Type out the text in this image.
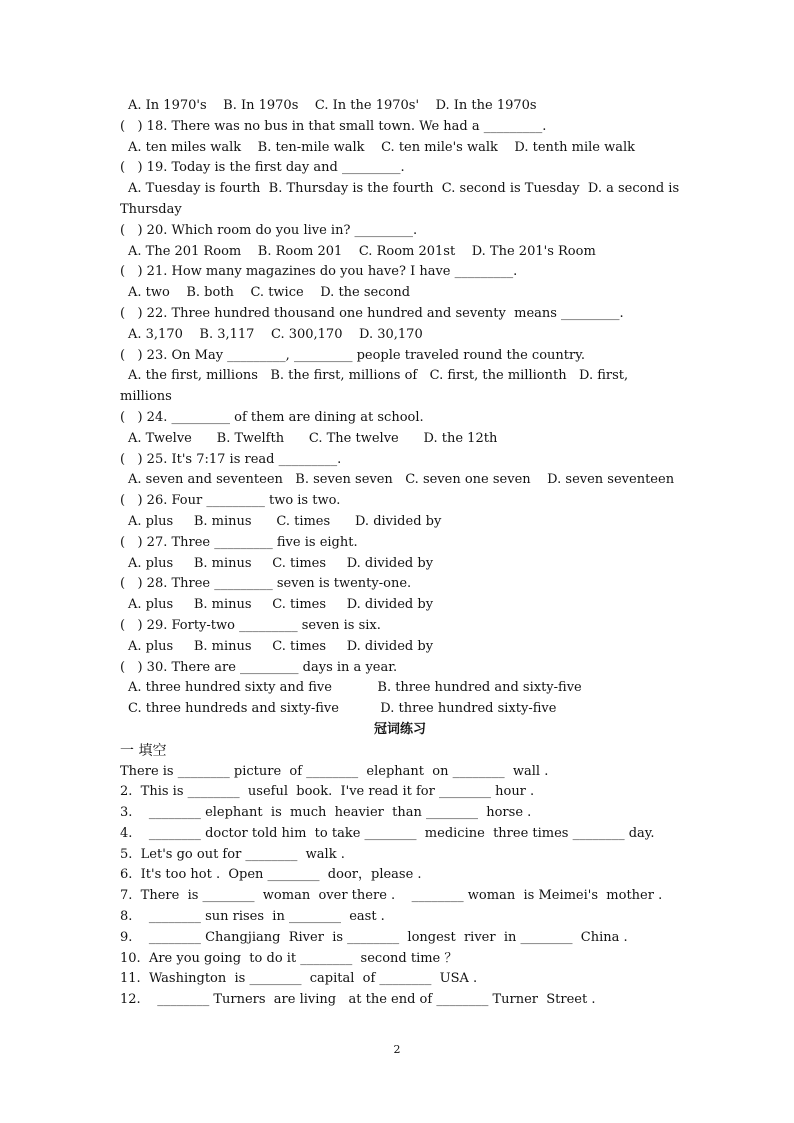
A. In 1970's    B. In 1970s    C. In the 1970s'    D. In the 1970s
(   ) 18. There was no bus in that small town. We had a _________.
A. ten miles walk    B. ten-mile walk    C. ten mile's walk    D. tenth mile walk
(   ) 19. Today is the first day and _________.
A. Tuesday is fourth  B. Thursday is the fourth  C. second is Tuesday  D. a second is
Thursday
(   ) 20. Which room do you live in? _________.
A. The 201 Room    B. Room 201    C. Room 201st    D. The 201's Room
(   ) 21. How many magazines do you have? I have _________.
A. two    B. both    C. twice    D. the second
(   ) 22. Three hundred thousand one hundred and seventy  means _________.
A. 3,170    B. 3,117    C. 300,170    D. 30,170
(   ) 23. On May _________, _________ people traveled round the country.
A. the first, millions   B. the first, millions of   C. first, the millionth   D. first,
millions
(   ) 24. _________ of them are dining at school.
A. Twelve      B. Twelfth      C. The twelve      D. the 12th
(   ) 25. It's 7:17 is read _________.
A. seven and seventeen   B. seven seven   C. seven one seven    D. seven seventeen
(   ) 26. Four _________ two is two.
A. plus     B. minus      C. times      D. divided by
(   ) 27. Three _________ five is eight.
A. plus     B. minus     C. times     D. divided by
(   ) 28. Three _________ seven is twenty-one.
A. plus     B. minus     C. times     D. divided by
(   ) 29. Forty-two _________ seven is six.
A. plus     B. minus     C. times     D. divided by
(   ) 30. There are _________ days in a year.
A. three hundred sixty and five           B. three hundred and sixty-five
C. three hundreds and sixty-five          D. three hundred sixty-five
冠词练习
一 填空
There is ________ picture  of ________  elephant  on ________  wall .
2.  This is ________  useful  book.  I've read it for ________ hour .
3.    ________ elephant  is  much  heavier  than ________  horse .
4.    ________ doctor told him  to take ________  medicine  three times ________ day.
5.  Let's go out for ________  walk .
6.  It's too hot .  Open ________  door，please .
7.  There  is ________  woman  over there .    ________ woman  is Meimei's  mother .
8.    ________ sun rises  in ________  east .
9.    ________ Changjiang  River  is ________  longest  river  in ________  China .
10.  Are you going  to do it ________  second time ？
11.  Washington  is ________  capital  of ________  USA .
12.    ________ Turners  are living   at the end of ________ Turner  Street .
2
